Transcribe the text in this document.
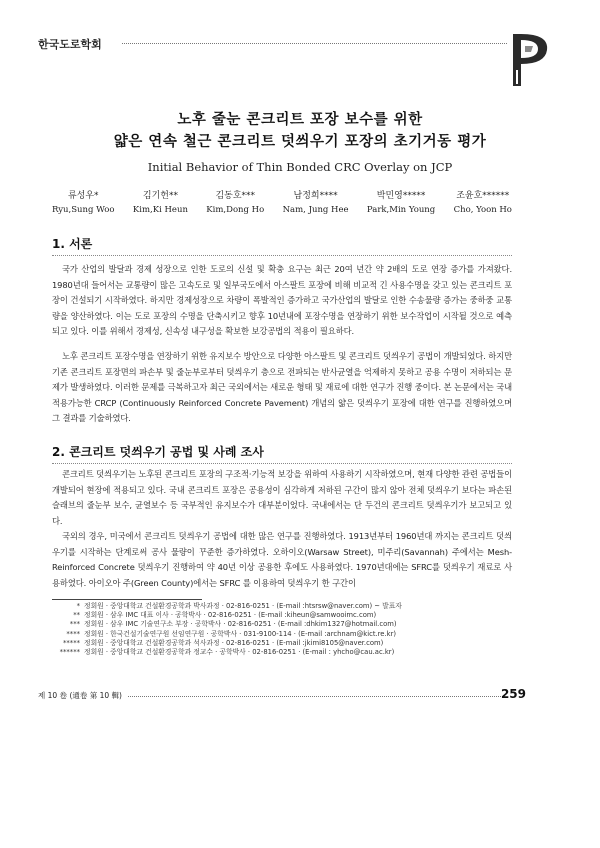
한국도로학회
노후 줄눈 콘크리트 포장 보수를 위한
얇은 연속 철근 콘크리트 덧씌우기 포장의 초기거동 평가
Initial Behavior of Thin Bonded CRC Overlay on JCP
류성우*
Ryu,Sung Woo
김기헌**
Kim,Ki Heun
김동호***
Kim,Dong Ho
남정희****
Nam, Jung Hee
박민영*****
Park,Min Young
조윤호******
Cho, Yoon Ho
1. 서론

국가 산업의 발달과 경제 성장으로 인한 도로의 신설 및 확충 요구는 최근 20여 년간 약 2배의 도로 연장 증가를 가져왔다. 1980년대 들어서는 교통량이 많은 고속도로 및 일부국도에서 아스팔트 포장에 비해 비교적 긴 사용수명을 갖고 있는 콘크리트 포장이 건설되기 시작하였다. 하지만 경제성장으로 차량이 폭발적인 증가하고 국가산업의 발달로 인한 수송물량 증가는 중하중 교통량을 양산하였다. 이는 도로 포장의 수명을 단축시키고 향후 10년내에 포장수명을 연장하기 위한 보수작업이 시작될 것으로 예측되고 있다. 이를 위해서 경제성, 신속성 내구성을 확보한 보강공법의 적용이 필요하다.

노후 콘크리트 포장수명을 연장하기 위한 유지보수 방안으로 다양한 아스팔트 및 콘크리트 덧씌우기 공법이 개발되었다. 하지만 기존 콘크리트 포장면의 파손부 및 줄눈부로부터 덧씌우기 층으로 전파되는 반사균열을 억제하지 못하고 공용 수명이 저하되는 문제가 발생하였다. 이러한 문제를 극복하고자 최근 국외에서는 새로운 형태 및 재료에 대한 연구가 진행 중이다. 본 논문에서는 국내 적용가능한 CRCP (Continuously Reinforced Concrete Pavement) 개념의 얇은 덧씌우기 포장에 대한 연구를 진행하였으며 그 결과를 기술하였다.

2. 콘크리트 덧씌우기 공법 및 사례 조사

콘크리트 덧씌우기는 노후된 콘크리트 포장의 구조적·기능적 보강을 위하여 사용하기 시작하였으며, 현재 다양한 관련 공법들이 개발되어 현장에 적용되고 있다. 국내 콘크리트 포장은 공용성이 심각하게 저하된 구간이 많지 않아 전체 덧씌우기 보다는 파손된 슬래브의 줄눈부 보수, 균열보수 등 국부적인 유지보수가 대부분이었다. 국내에서는 단 두건의 콘크리트 덧씌우기가 보고되고 있다.

국외의 경우, 미국에서 콘크리트 덧씌우기 공법에 대한 많은 연구를 진행하였다. 1913년부터 1960년대 까지는 콘크리트 덧씌우기를 시작하는 단계로써 공사 물량이 꾸준한 증가하였다. 오하이오(Warsaw Street), 미주리(Savannah) 주에서는 Mesh-Reinforced Concrete 덧씌우기 진행하여 약 40년 이상 공용한 후에도 사용하였다. 1970년대에는 SFRC를 덧씌우기 재료로 사용하였다. 아이오아 주(Green County)에서는 SFRC 를 이용하여 덧씌우기 한 구간이

* 정회원 · 중앙대학교 건설환경공학과 박사과정 · 02-816-0251 · (E-mail :htsrsw@naver.com) ~ 발표자
** 정회원 · 삼우 IMC 대표 이사 · 공학박사 · 02-816-0251 · (E-mail :kiheun@samwooimc.com)
*** 정회원 · 삼우 IMC 기술연구소 부장 · 공학박사 · 02-816-0251 · (E-mail :dhkim1327@hotmail.com)
**** 정회원 · 한국건설기술연구원 선임연구원 · 공학박사 · 031-9100-114 · (E-mail :archnam@kict.re.kr)
***** 정회원 · 중앙대학교 건설환경공학과 석사과정 · 02-816-0251 · (E-mail :jkimi8105@naver.com)
****** 정회원 · 중앙대학교 건설환경공학과 정교수 · 공학박사 · 02-816-0251 · (E-mail : yhcho@cau.ac.kr)
제 10 卷 (通卷 第 10 輯)	259
